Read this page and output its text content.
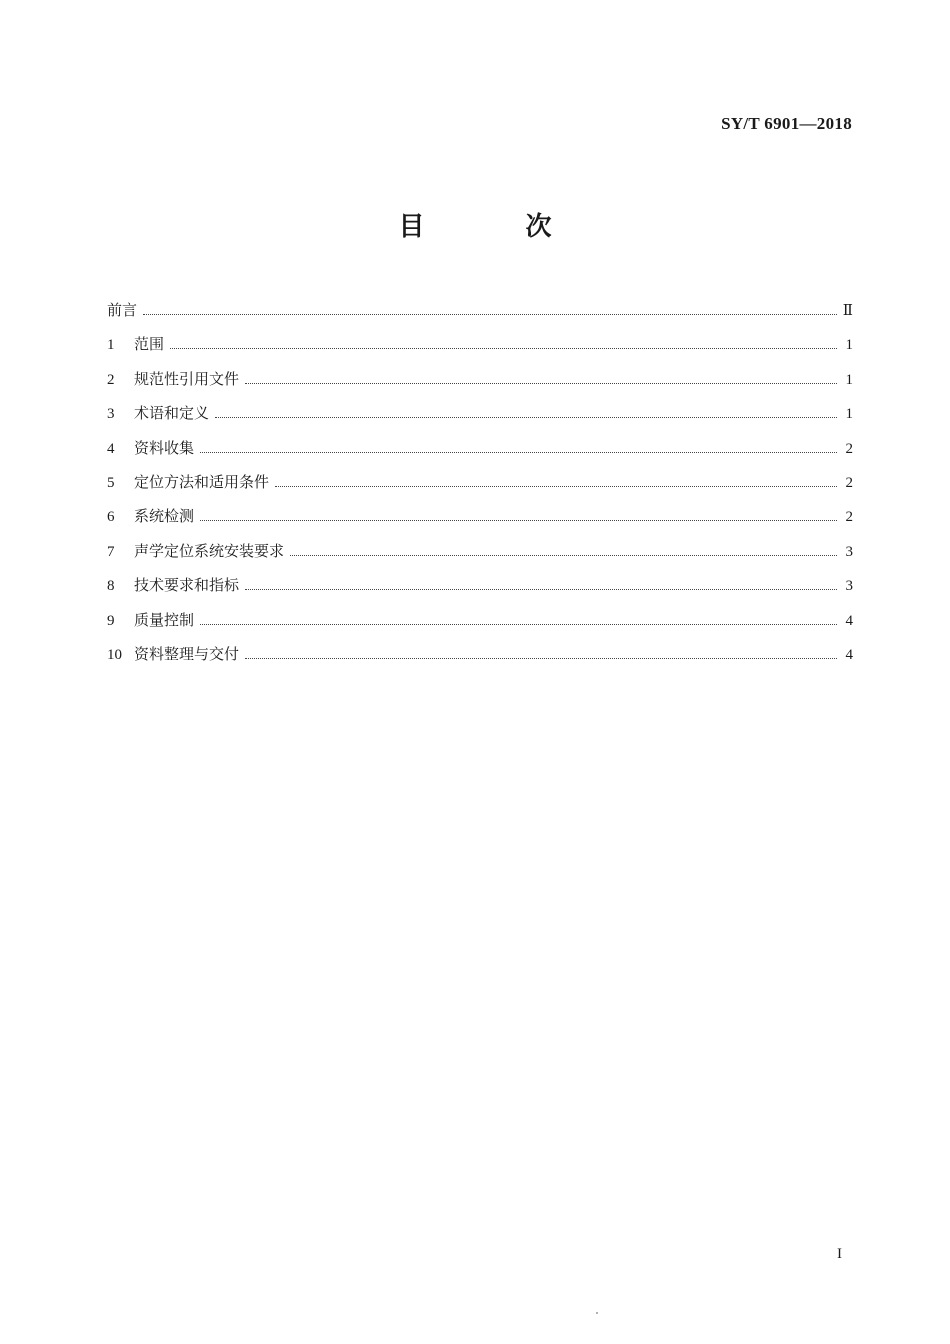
SY/T 6901—2018
目 次
前言	Ⅱ
1	范围	1
2	规范性引用文件	1
3	术语和定义	1
4	资料收集	2
5	定位方法和适用条件	2
6	系统检测	2
7	声学定位系统安装要求	3
8	技术要求和指标	3
9	质量控制	4
10 资料整理与交付	4
I
